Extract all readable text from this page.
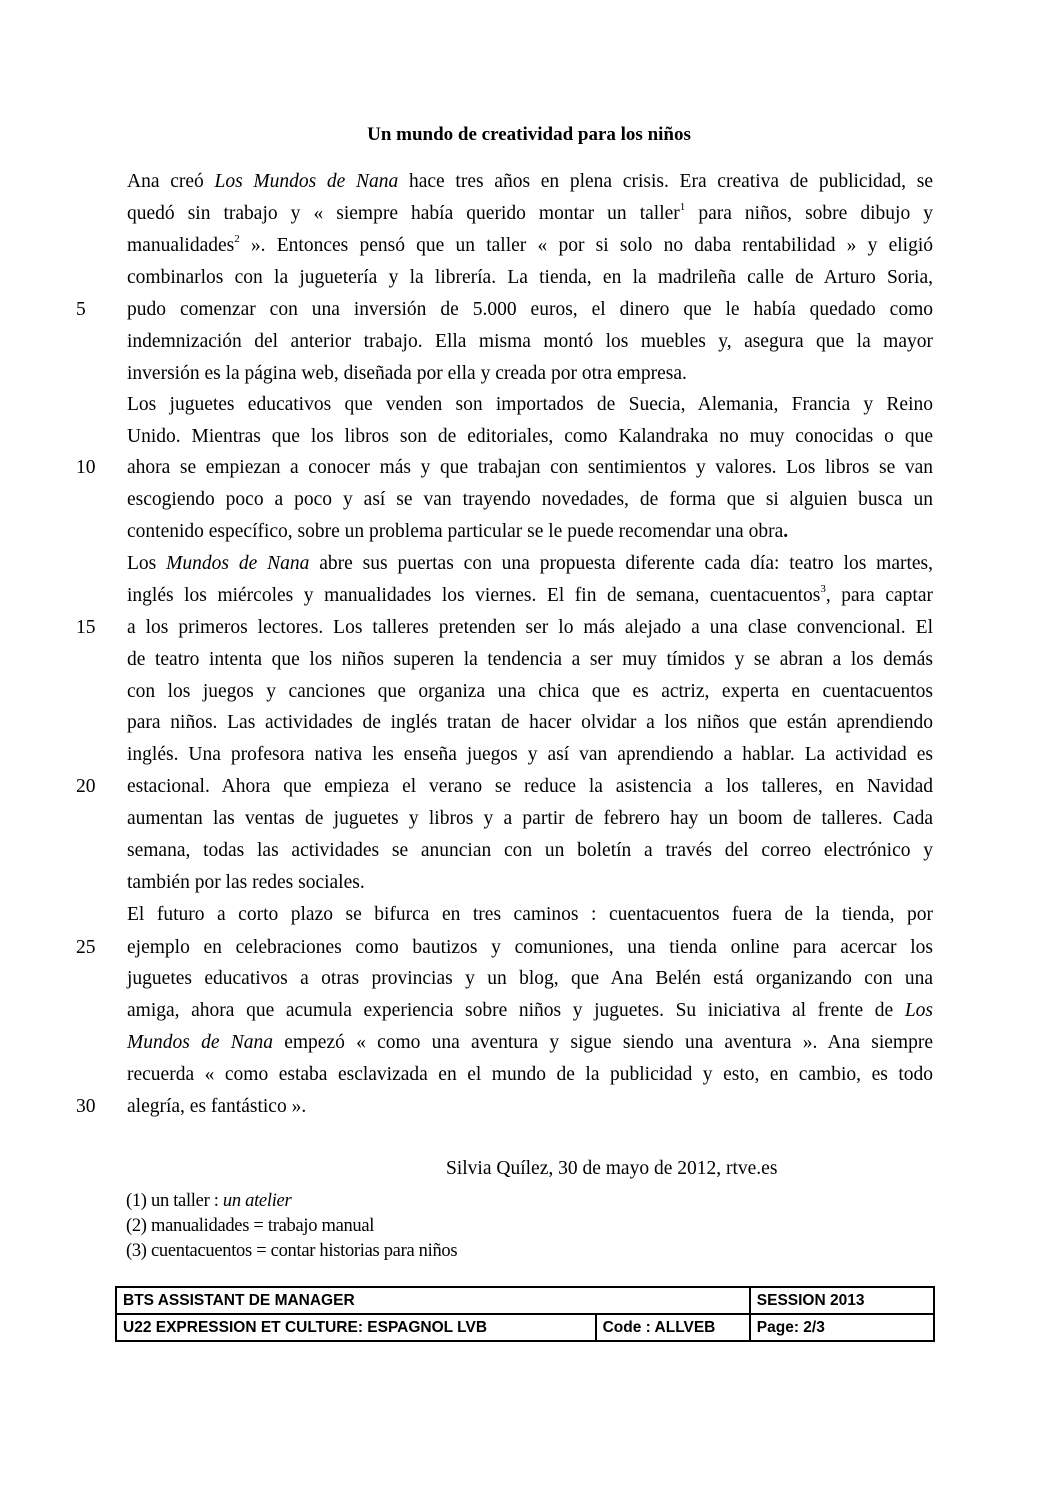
Un mundo de creatividad para los niños
5
10
15
20
25
30
Ana creó Los Mundos de Nana hace tres años en plena crisis. Era creativa de publicidad, se
quedó sin trabajo y « siempre había querido montar un taller$^1$ para niños, sobre dibujo y
manualidades$^2$ ». Entonces pensó que un taller « por si solo no daba rentabilidad » y eligió
combinarlos con la juguetería y la librería. La tienda, en la madrileña calle de Arturo Soria,
pudo comenzar con una inversión de 5.000 euros, el dinero que le había quedado como
indemnización del anterior trabajo. Ella misma montó los muebles y, asegura que la mayor
inversión es la página web, diseñada por ella y creada por otra empresa.
Los juguetes educativos que venden son importados de Suecia, Alemania, Francia y Reino
Unido. Mientras que los libros son de editoriales, como Kalandraka no muy conocidas o que
ahora se empiezan a conocer más y que trabajan con sentimientos y valores. Los libros se van
escogiendo poco a poco y así se van trayendo novedades, de forma que si alguien busca un
contenido específico, sobre un problema particular se le puede recomendar una obra.
Los Mundos de Nana abre sus puertas con una propuesta diferente cada día: teatro los martes,
inglés los miércoles y manualidades los viernes. El fin de semana, cuentacuentos$^3$, para captar
a los primeros lectores. Los talleres pretenden ser lo más alejado a una clase convencional. El
de teatro intenta que los niños superen la tendencia a ser muy tímidos y se abran a los demás
con los juegos y canciones que organiza una chica que es actriz, experta en cuentacuentos
para niños. Las actividades de inglés tratan de hacer olvidar a los niños que están aprendiendo
inglés. Una profesora nativa les enseña juegos y así van aprendiendo a hablar. La actividad es
estacional. Ahora que empieza el verano se reduce la asistencia a los talleres, en Navidad
aumentan las ventas de juguetes y libros y a partir de febrero hay un boom de talleres. Cada
semana, todas las actividades se anuncian con un boletín a través del correo electrónico y
también por las redes sociales.
El futuro a corto plazo se bifurca en tres caminos : cuentacuentos fuera de la tienda, por
ejemplo en celebraciones como bautizos y comuniones, una tienda online para acercar los
juguetes educativos a otras provincias y un blog, que Ana Belén está organizando con una
amiga, ahora que acumula experiencia sobre niños y juguetes. Su iniciativa al frente de Los
Mundos de Nana empezó « como una aventura y sigue siendo una aventura ». Ana siempre
recuerda « como estaba esclavizada en el mundo de la publicidad y esto, en cambio, es todo
alegría, es fantástico ».
Silvia Quílez, 30 de mayo de 2012, rtve.es
(1) un taller : un atelier
(2) manualidades = trabajo manual
(3) cuentacuentos = contar historias para niños
BTS ASSISTANT DE MANAGER		SESSION 2013
U22 EXPRESSION ET CULTURE: ESPAGNOL LVB	Code : ALLVEB	Page: 2/3
